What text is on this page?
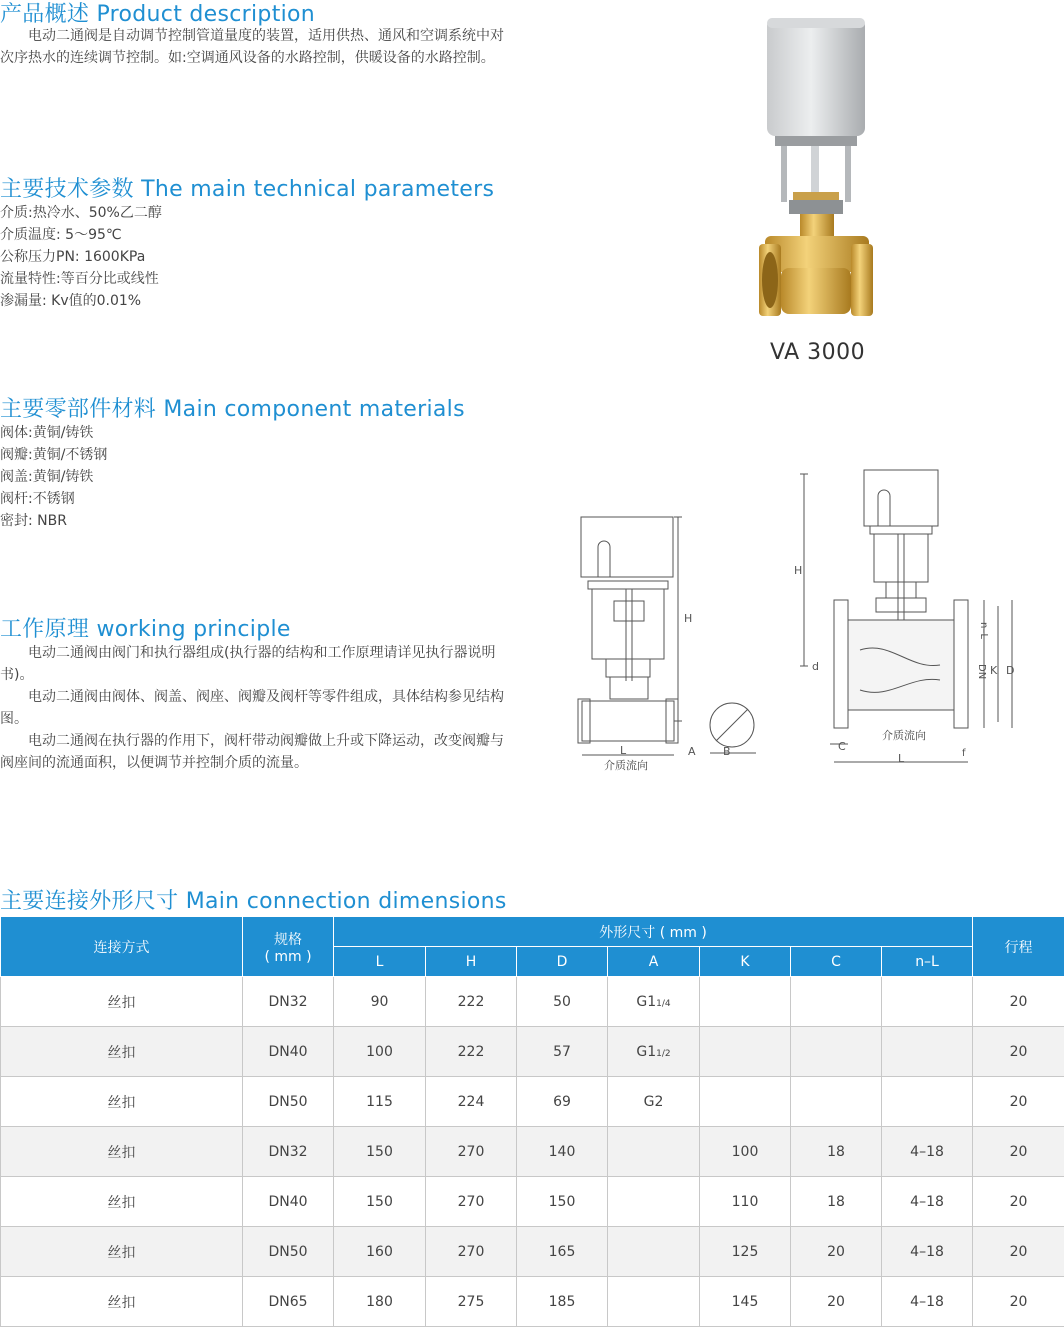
产品概述 Product description

电动二通阀是自动调节控制管道量度的装置，适用供热、通风和空调系统中对次序热水的连续调节控制。如:空调通风设备的水路控制，供暖设备的水路控制。

主要技术参数 The main technical parameters
介质:热冷水、50%乙二醇
介质温度: 5～95℃
公称压力PN: 1600KPa
流量特性:等百分比或线性
渗漏量: Kv值的0.01%
主要零部件材料 Main component materials
阀体:黄铜/铸铁
阀瓣:黄铜/不锈钢
阀盖:黄铜/铸铁
阀杆:不锈钢
密封: NBR
工作原理 working principle

电动二通阀由阀门和执行器组成(执行器的结构和工作原理请详见执行器说明书)。

电动二通阀由阀体、阀盖、阀座、阀瓣及阀杆等零件组成，具体结构参见结构图。

电动二通阀在执行器的作用下，阀杆带动阀瓣做上升或下降运动，改变阀瓣与阀座间的流通面积，以便调节并控制介质的流量。

VA 3000
H
L
介质流向
A B
H
d
n–L
DN K D
C
介质流向
L	f
主要连接外形尺寸 Main connection dimensions
连接方式	规格
( mm )	外形尺寸 ( mm )							行程
		L	H	D	A	K	C	n–L	
丝扣	DN32	90	222	50	G11/4				20
丝扣	DN40	100	222	57	G11/2				20
丝扣	DN50	115	224	69	G2				20
丝扣	DN32	150	270	140		100	18	4–18	20
丝扣	DN40	150	270	150		110	18	4–18	20
丝扣	DN50	160	270	165		125	20	4–18	20
丝扣	DN65	180	275	185		145	20	4–18	20
